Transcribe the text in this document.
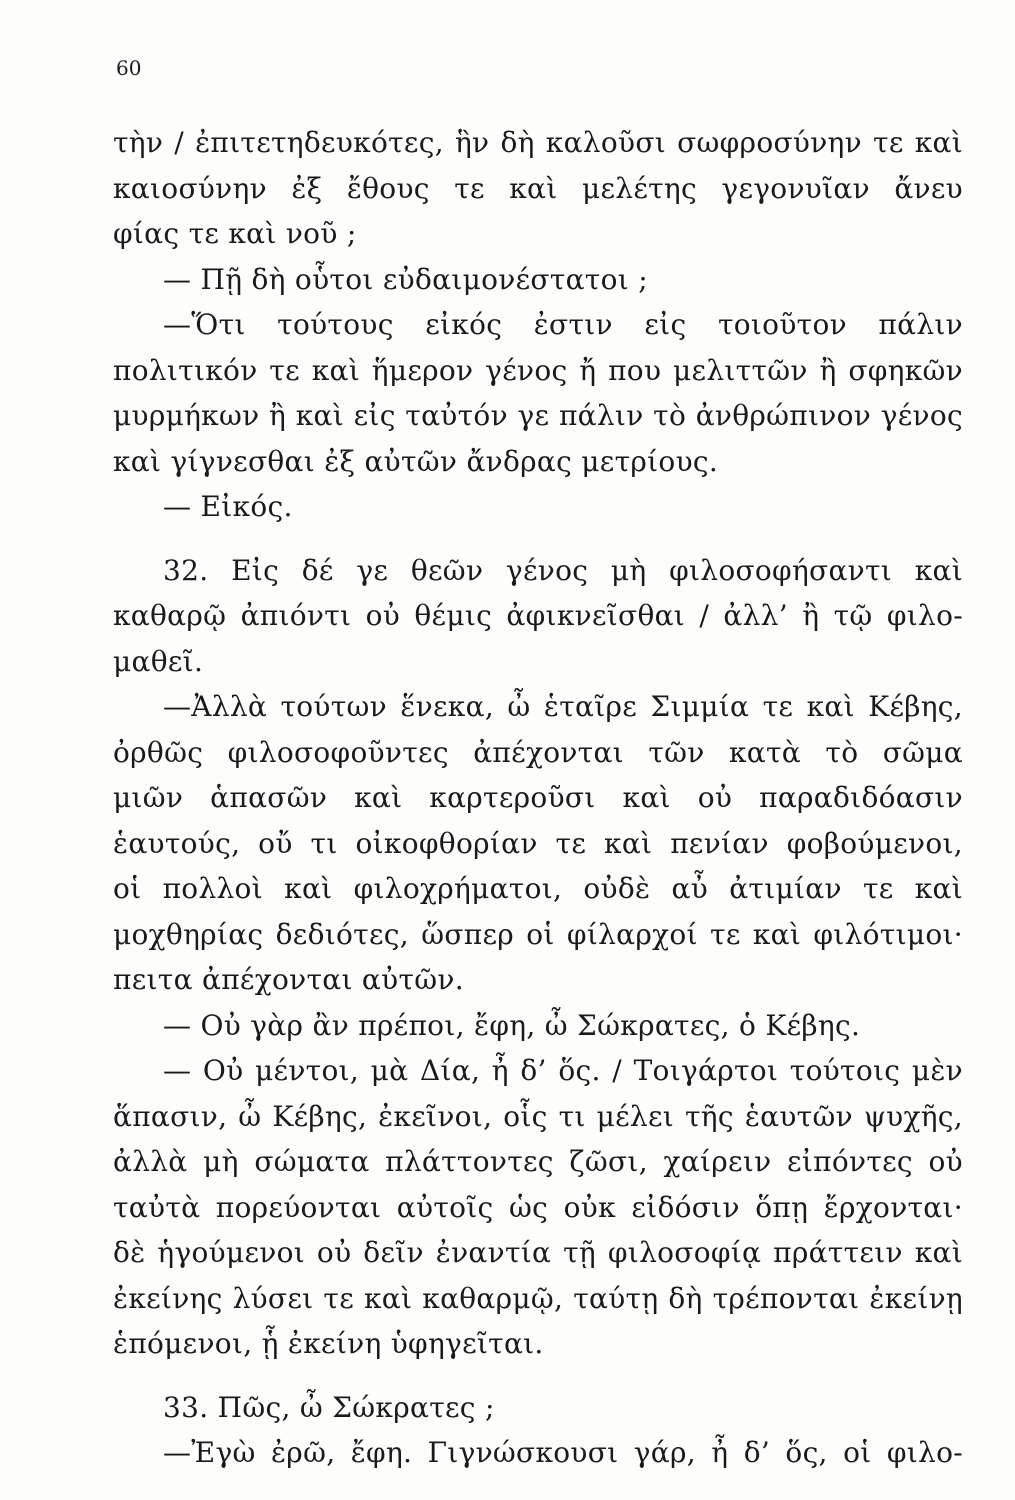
60
τὴν / ἐπιτετηδευκότες, ἣν δὴ καλοῦσι σωφροσύνην τε καὶ
καιοσύνην ἐξ ἔθους τε καὶ μελέτης γεγονυῖαν ἄνευ
φίας τε καὶ νοῦ ;
— Πῇ δὴ οὗτοι εὐδαιμονέστατοι ;
—Ὅτι τούτους εἰκός ἐστιν εἰς τοιοῦτον πάλιν
πολιτικόν τε καὶ ἥμερον γένος ἤ που μελιττῶν ἢ σφηκῶν
μυρμήκων ἢ καὶ εἰς ταὐτόν γε πάλιν τὸ ἀνθρώπινον γένος
καὶ γίγνεσθαι ἐξ αὐτῶν ἄνδρας μετρίους.
— Εἰκός.
32. Εἰς δέ γε θεῶν γένος μὴ φιλοσοφήσαντι καὶ
καθαρῷ ἀπιόντι οὐ θέμις ἀφικνεῖσθαι / ἀλλ’ ἢ τῷ φιλο-
μαθεῖ.
—Ἀλλὰ τούτων ἕνεκα, ὦ ἑταῖρε Σιμμία τε καὶ Κέβης,
ὀρθῶς φιλοσοφοῦντες ἀπέχονται τῶν κατὰ τὸ σῶμα
μιῶν ἁπασῶν καὶ καρτεροῦσι καὶ οὐ παραδιδόασιν
ἑαυτούς, οὔ τι οἰκοφθορίαν τε καὶ πενίαν φοβούμενοι,
οἱ πολλοὶ καὶ φιλοχρήματοι, οὐδὲ αὖ ἀτιμίαν τε καὶ
μοχθηρίας δεδιότες, ὥσπερ οἱ φίλαρχοί τε καὶ φιλότιμοι·
πειτα ἀπέχονται αὐτῶν.
— Οὐ γὰρ ἂν πρέποι, ἔφη, ὦ Σώκρατες, ὁ Κέβης.
— Οὐ μέντοι, μὰ Δία, ἦ δ’ ὅς. / Τοιγάρτοι τούτοις μὲν
ἅπασιν, ὦ Κέβης, ἐκεῖνοι, οἷς τι μέλει τῆς ἑαυτῶν ψυχῆς,
ἀλλὰ μὴ σώματα πλάττοντες ζῶσι, χαίρειν εἰπόντες οὐ
ταὐτὰ πορεύονται αὐτοῖς ὡς οὐκ εἰδόσιν ὅπῃ ἔρχονται·
δὲ ἡγούμενοι οὐ δεῖν ἐναντία τῇ φιλοσοφίᾳ πράττειν καὶ
ἐκείνης λύσει τε καὶ καθαρμῷ, ταύτῃ δὴ τρέπονται ἐκείνῃ
ἑπόμενοι, ᾗ ἐκείνη ὑφηγεῖται.
33. Πῶς, ὦ Σώκρατες ;
—Ἐγὼ ἐρῶ, ἔφη. Γιγνώσκουσι γάρ, ἦ δ’ ὅς, οἱ φιλο-
